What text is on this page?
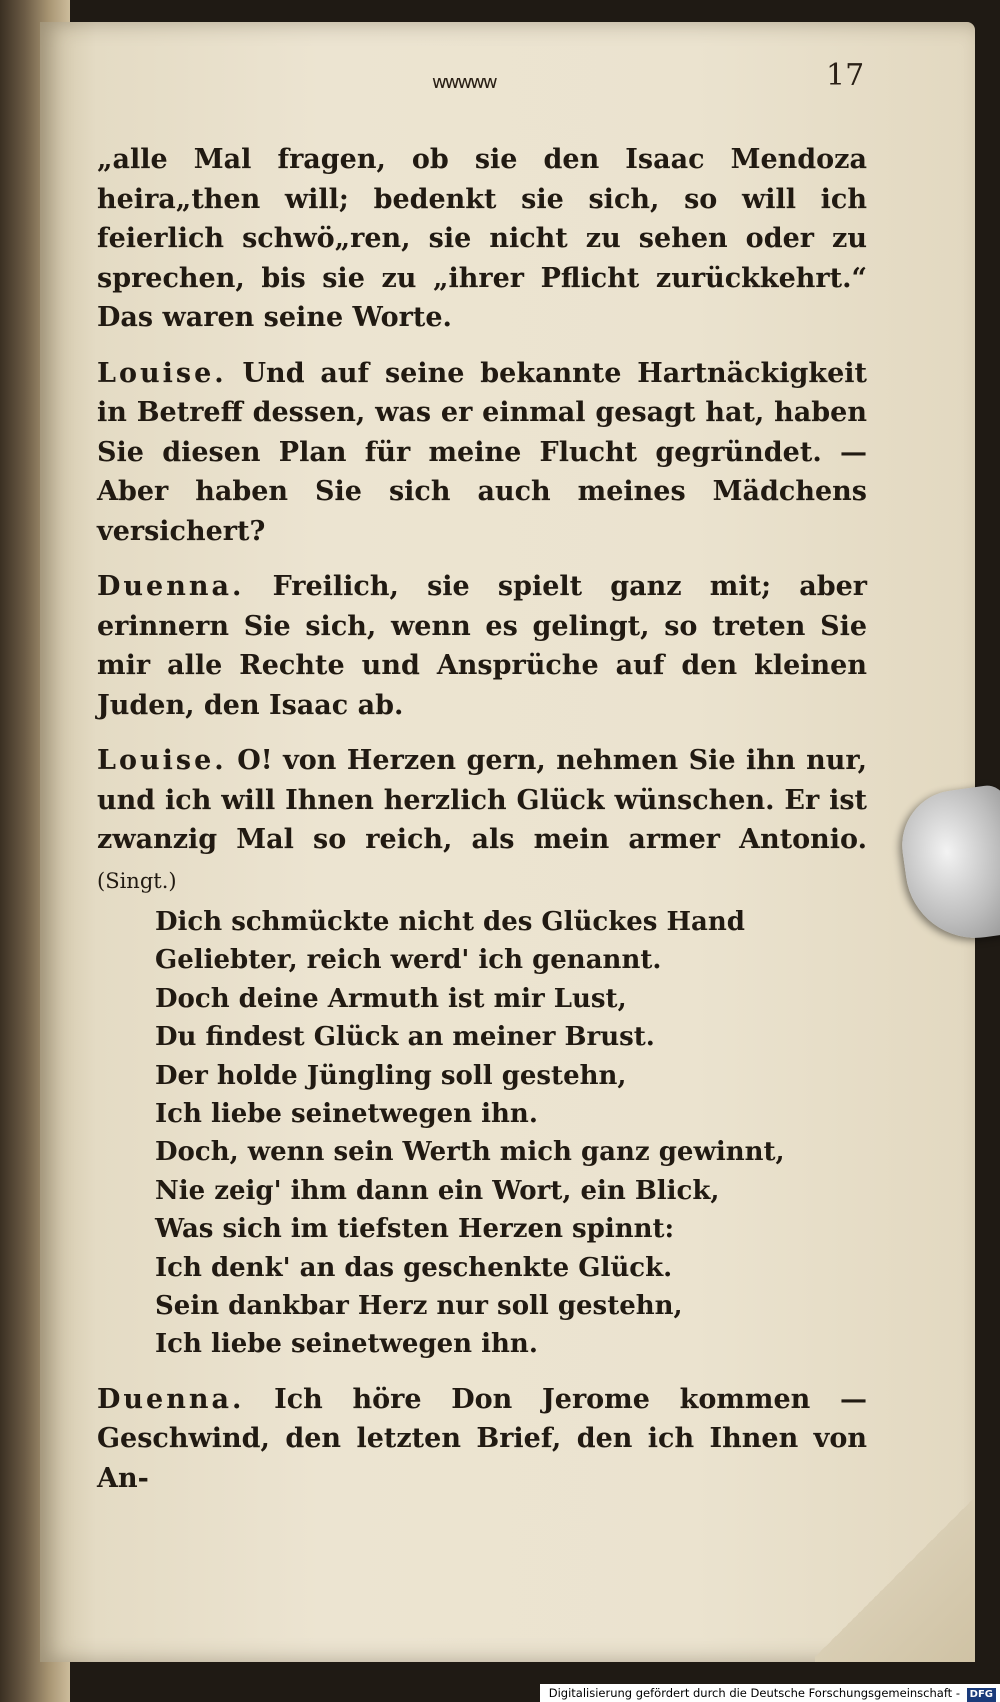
wwwww	17

„alle Mal fragen, ob sie den Isaac Mendoza heira„then will; bedenkt sie sich, so will ich feierlich schwö„ren, sie nicht zu sehen oder zu sprechen, bis sie zu „ihrer Pflicht zurückkehrt.“ Das waren seine Worte.

Louise. Und auf seine bekannte Hartnäckigkeit in Betreff dessen, was er einmal gesagt hat, haben Sie diesen Plan für meine Flucht gegründet. — Aber haben Sie sich auch meines Mädchens versichert?

Duenna. Freilich, sie spielt ganz mit; aber erinnern Sie sich, wenn es gelingt, so treten Sie mir alle Rechte und Ansprüche auf den kleinen Juden, den Isaac ab.

Louise. O! von Herzen gern, nehmen Sie ihn nur, und ich will Ihnen herzlich Glück wünschen. Er ist zwanzig Mal so reich, als mein armer Antonio. (Singt.)

Dich schmückte nicht des Glückes Hand
Geliebter, reich werd' ich genannt.
Doch deine Armuth ist mir Lust,
Du findest Glück an meiner Brust.
Der holde Jüngling soll gestehn,
Ich liebe seinetwegen ihn.
Doch, wenn sein Werth mich ganz gewinnt,
Nie zeig' ihm dann ein Wort, ein Blick,
Was sich im tiefsten Herzen spinnt:
Ich denk' an das geschenkte Glück.
Sein dankbar Herz nur soll gestehn,
Ich liebe seinetwegen ihn.

Duenna. Ich höre Don Jerome kommen — Geschwind, den letzten Brief, den ich Ihnen von An-

Digitalisierung gefördert durch die Deutsche Forschungsgemeinschaft - DFG
